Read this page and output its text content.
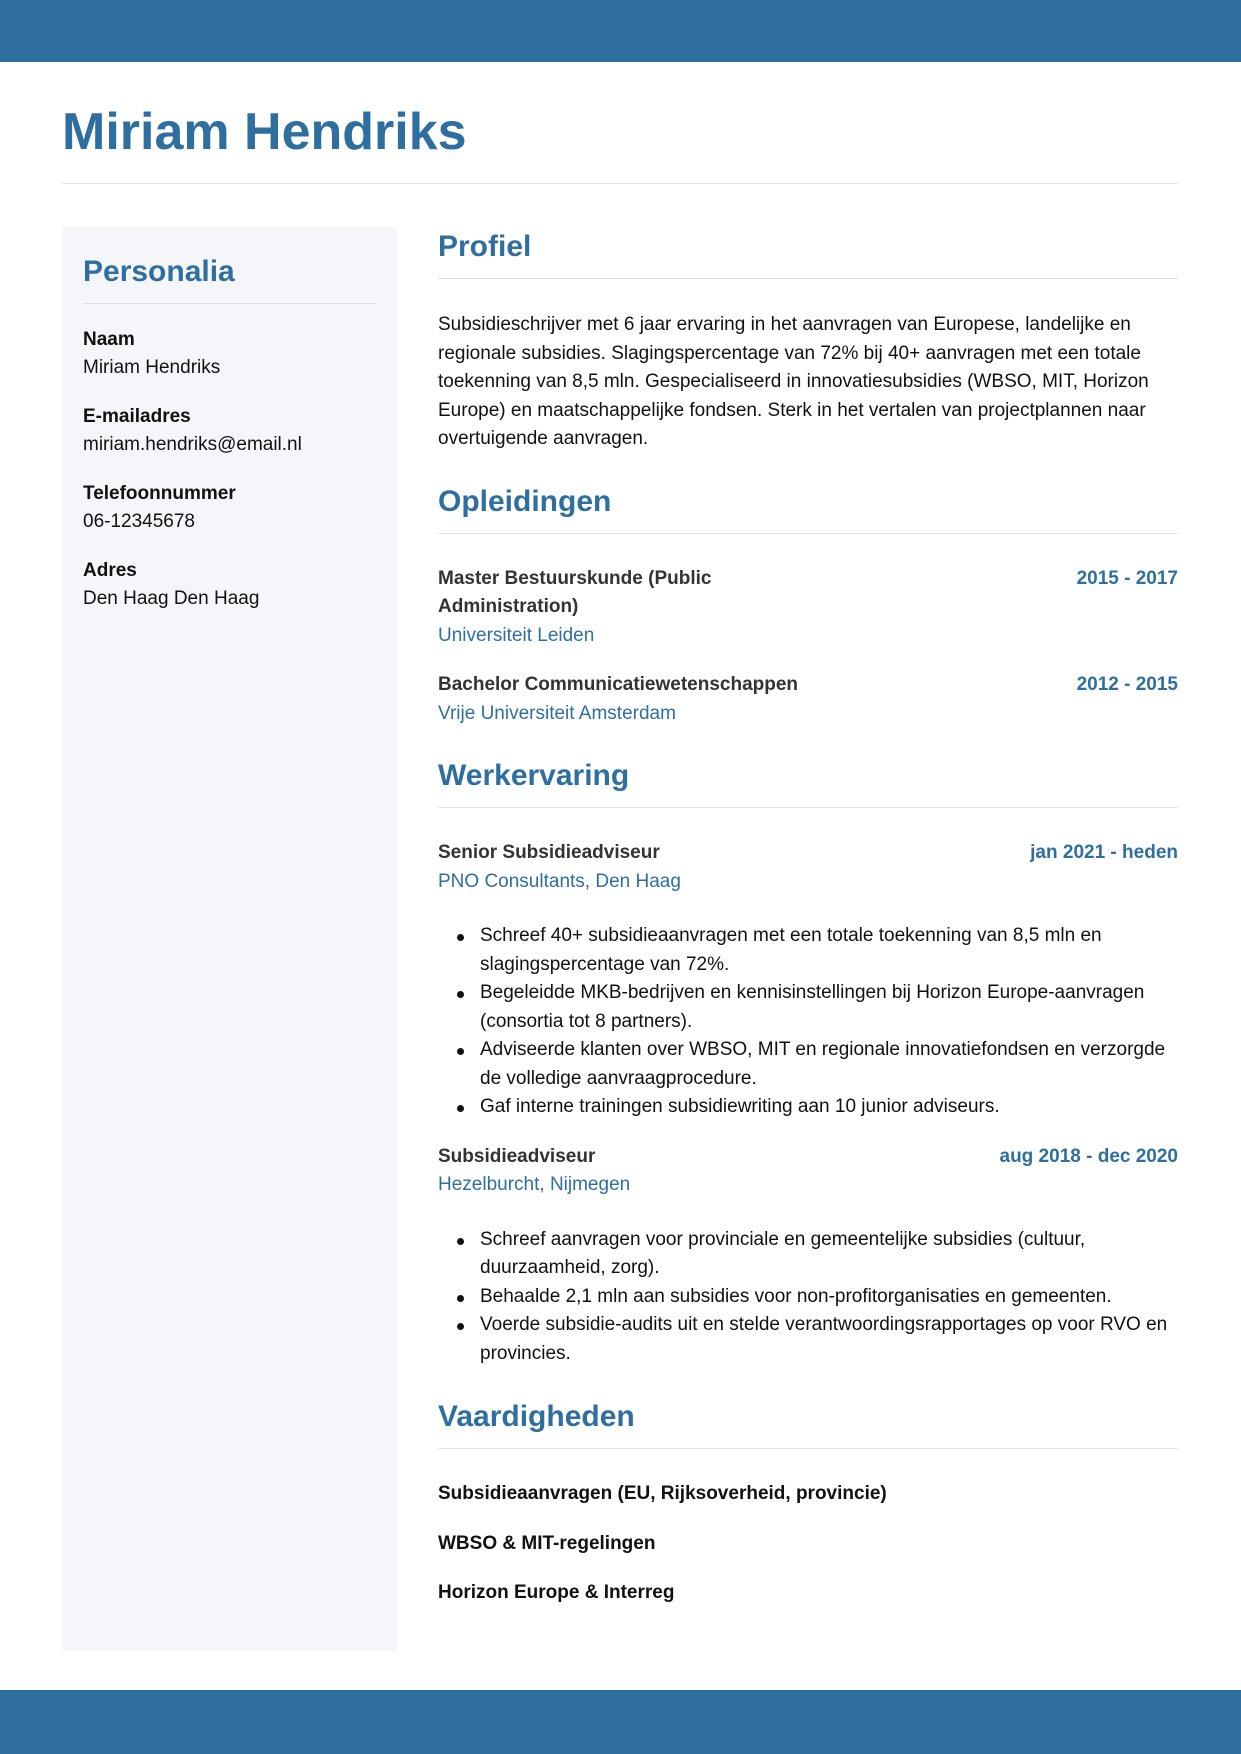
Miriam Hendriks
Personalia
Naam
Miriam Hendriks
E-mailadres
miriam.hendriks@email.nl
Telefoonnummer
06-12345678
Adres
Den Haag Den Haag
Profiel

Subsidieschrijver met 6 jaar ervaring in het aanvragen van Europese, landelijke en regionale subsidies. Slagingspercentage van 72% bij 40+ aanvragen met een totale toekenning van 8,5 mln. Gespecialiseerd in innovatiesubsidies (WBSO, MIT, Horizon Europe) en maatschappelijke fondsen. Sterk in het vertalen van projectplannen naar overtuigende aanvragen.

Opleidingen
Master Bestuurskunde (Public Administration)
2015 - 2017
Universiteit Leiden
Bachelor Communicatiewetenschappen	2012 - 2015
Vrije Universiteit Amsterdam
Werkervaring
Senior Subsidieadviseur	jan 2021 - heden
PNO Consultants, Den Haag
Schreef 40+ subsidieaanvragen met een totale toekenning van 8,5 mln en slagingspercentage van 72%.
Begeleidde MKB-bedrijven en kennisinstellingen bij Horizon Europe-aanvragen (consortia tot 8 partners).
Adviseerde klanten over WBSO, MIT en regionale innovatiefondsen en verzorgde de volledige aanvraagprocedure.
Gaf interne trainingen subsidiewriting aan 10 junior adviseurs.
Subsidieadviseur	aug 2018 - dec 2020
Hezelburcht, Nijmegen
Schreef aanvragen voor provinciale en gemeentelijke subsidies (cultuur, duurzaamheid, zorg).
Behaalde 2,1 mln aan subsidies voor non-profitorganisaties en gemeenten.
Voerde subsidie-audits uit en stelde verantwoordingsrapportages op voor RVO en provincies.
Vaardigheden
Subsidieaanvragen (EU, Rijksoverheid, provincie)
WBSO & MIT-regelingen
Horizon Europe & Interreg
